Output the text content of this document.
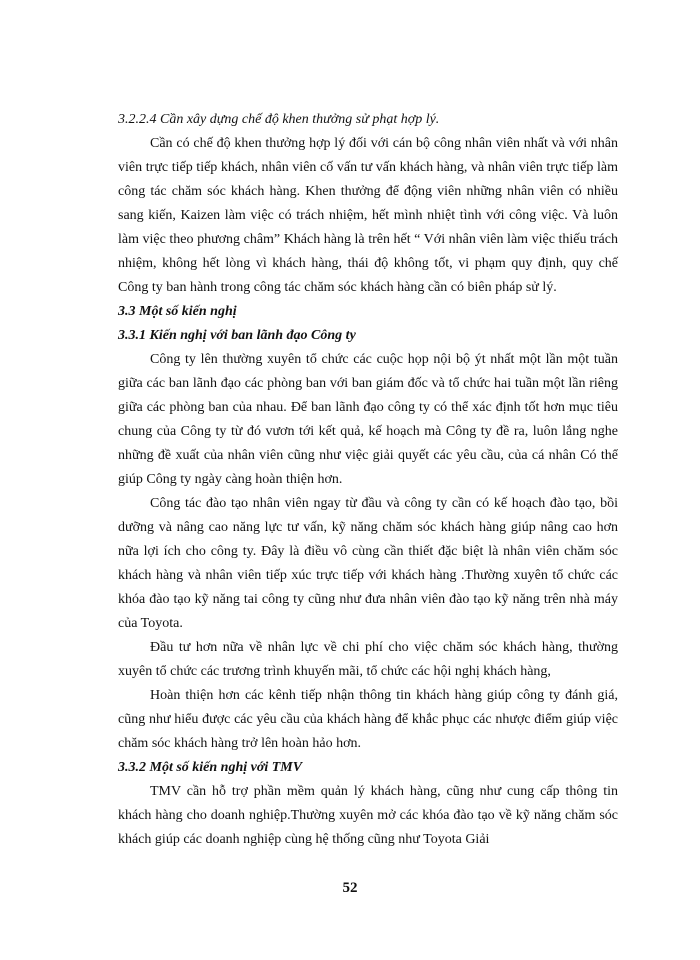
3.2.2.4 Cần xây dựng chế độ khen thưởng sử phạt hợp lý.

Cần có chế độ khen thưởng hợp lý đối với cán bộ công nhân viên nhất và với nhân viên trực tiếp tiếp khách, nhân viên cố vấn tư vấn khách hàng, và nhân viên trực tiếp làm công tác chăm sóc khách hàng. Khen thưởng để động viên những nhân viên có nhiều sang kiến, Kaizen làm việc có trách nhiệm, hết mình nhiệt tình với công việc. Và luôn làm việc theo phương châm” Khách hàng là trên hết “ Với nhân viên làm việc thiếu trách nhiệm, không hết lòng vì khách hàng, thái độ không tốt, vi phạm quy định, quy chế Công ty ban hành trong công tác chăm sóc khách hàng cần có biên pháp sử lý.

3.3 Một số kiến nghị

3.3.1 Kiến nghị với ban lãnh đạo Công ty

Công ty lên thường xuyên tổ chức các cuộc họp nội bộ ýt nhất một lần một tuần giữa các ban lãnh đạo các phòng ban với ban giám đốc và tổ chức hai tuần một lần riêng giữa các phòng ban của nhau. Để ban lãnh đạo công ty có thể xác định tốt hơn mục tiêu chung của Công ty từ đó vươn tới kết quả, kế hoạch mà Công ty đề ra, luôn lắng nghe những đề xuất của nhân viên cũng như việc giải quyết các yêu cầu, của cá nhân Có thể giúp Công ty ngày càng hoàn thiện hơn.

Công tác đào tạo nhân viên ngay từ đầu và công ty cần có kế hoạch đào tạo, bồi dưỡng và nâng cao năng lực tư vấn, kỹ năng chăm sóc khách hàng giúp nâng cao hơn nữa lợi ích cho công ty. Đây là điều vô cùng cần thiết đặc biệt là nhân viên chăm sóc khách hàng và nhân viên tiếp xúc trực tiếp với khách hàng .Thường xuyên tổ chức các khóa đào tạo kỹ năng tai công ty cũng như đưa nhân viên đào tạo kỹ năng trên nhà máy của Toyota.

Đầu tư hơn nữa về nhân lực về chi phí cho việc chăm sóc khách hàng, thường xuyên tổ chức các trương trình khuyến mãi, tổ chức các hội nghị khách hàng,

Hoàn thiện hơn các kênh tiếp nhận thông tin khách hàng giúp công ty đánh giá, cũng như hiểu được các yêu cầu của khách hàng để khắc phục các nhược điểm giúp việc chăm sóc khách hàng trở lên hoàn hảo hơn.

3.3.2 Một số kiến nghị với TMV

TMV cần hỗ trợ phần mềm quản lý khách hàng, cũng như cung cấp thông tin khách hàng cho doanh nghiệp.Thường xuyên mở các khóa đào tạo về kỹ năng chăm sóc khách giúp các doanh nghiệp cùng hệ thống cũng như Toyota Giải

52
